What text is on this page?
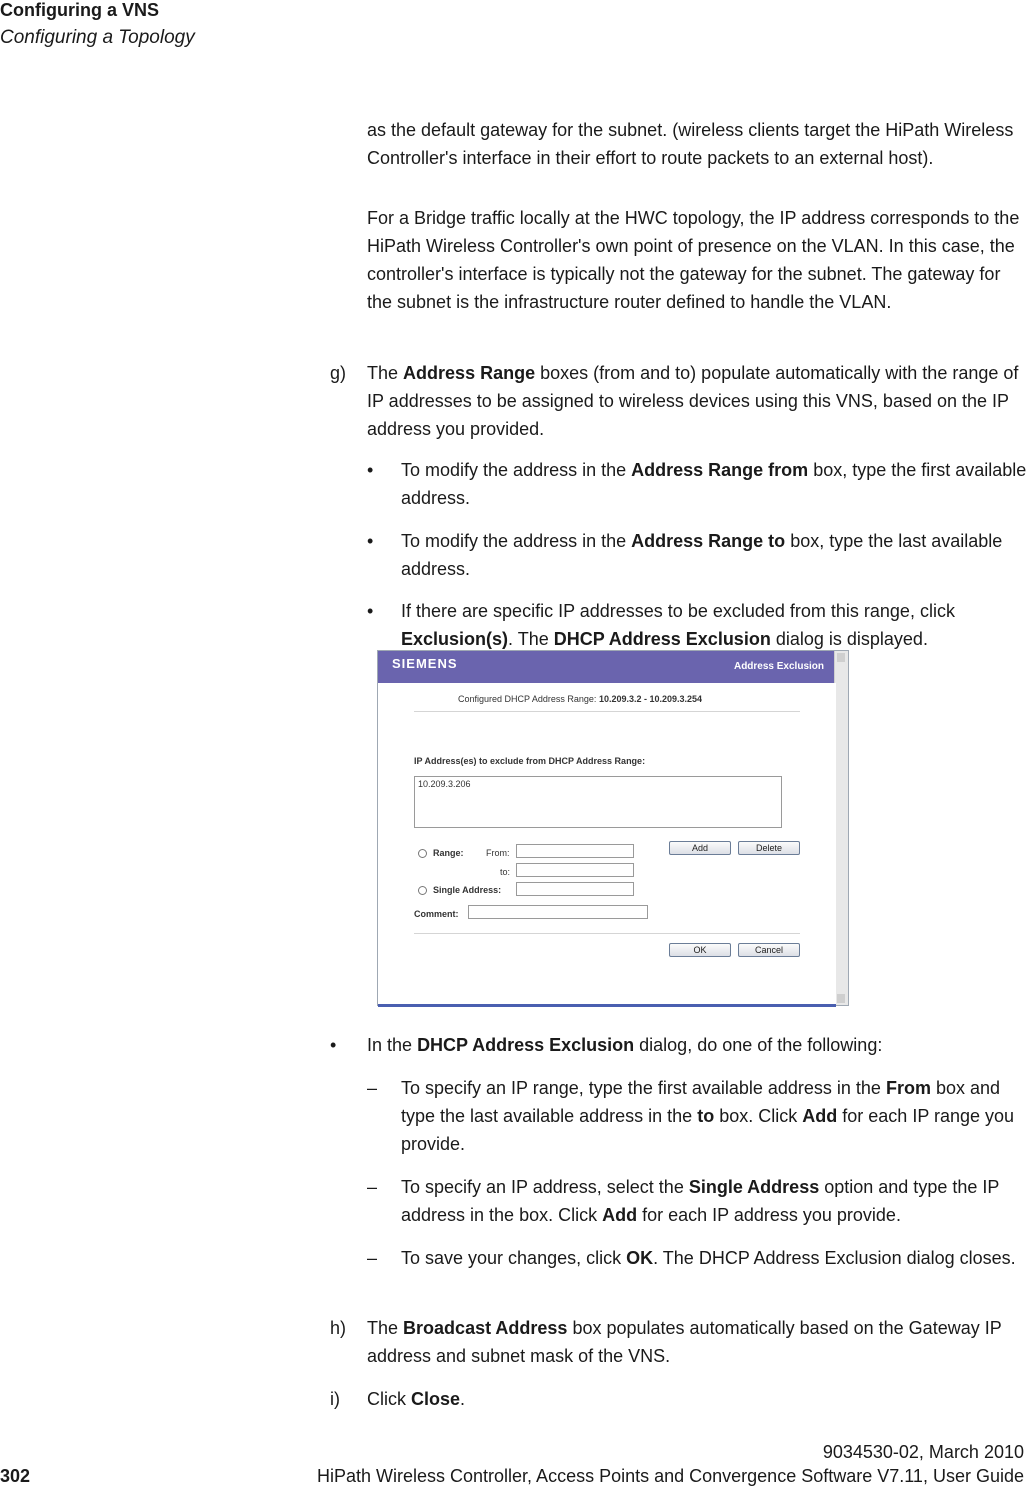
Configuring a VNS
Configuring a Topology

as the default gateway for the subnet. (wireless clients target the HiPath Wireless Controller's interface in their effort to route packets to an external host).

For a Bridge traffic locally at the HWC topology, the IP address corresponds to the HiPath Wireless Controller's own point of presence on the VLAN. In this case, the controller's interface is typically not the gateway for the subnet. The gateway for the subnet is the infrastructure router defined to handle the VLAN.

g) The Address Range boxes (from and to) populate automatically with the range of IP addresses to be assigned to wireless devices using this VNS, based on the IP address you provided.

• To modify the address in the Address Range from box, type the first available address.

• To modify the address in the Address Range to box, type the last available address.

• If there are specific IP addresses to be excluded from this range, click Exclusion(s). The DHCP Address Exclusion dialog is displayed.

SIEMENS	Address Exclusion
Configured DHCP Address Range: 10.209.3.2 - 10.209.3.254
IP Address(es) to exclude from DHCP Address Range:
10.209.3.206
Range: From:
to:
Single Address:
Comment:
Add	Delete
OK	Cancel
• In the DHCP Address Exclusion dialog, do one of the following:

– To specify an IP range, type the first available address in the From box and type the last available address in the to box. Click Add for each IP range you provide.

– To specify an IP address, select the Single Address option and type the IP address in the box. Click Add for each IP address you provide.

– To save your changes, click OK. The DHCP Address Exclusion dialog closes.

h) The Broadcast Address box populates automatically based on the Gateway IP address and subnet mask of the VNS.

i) Click Close.

9034530-02, March 2010
302	HiPath Wireless Controller, Access Points and Convergence Software V7.11, User Guide
